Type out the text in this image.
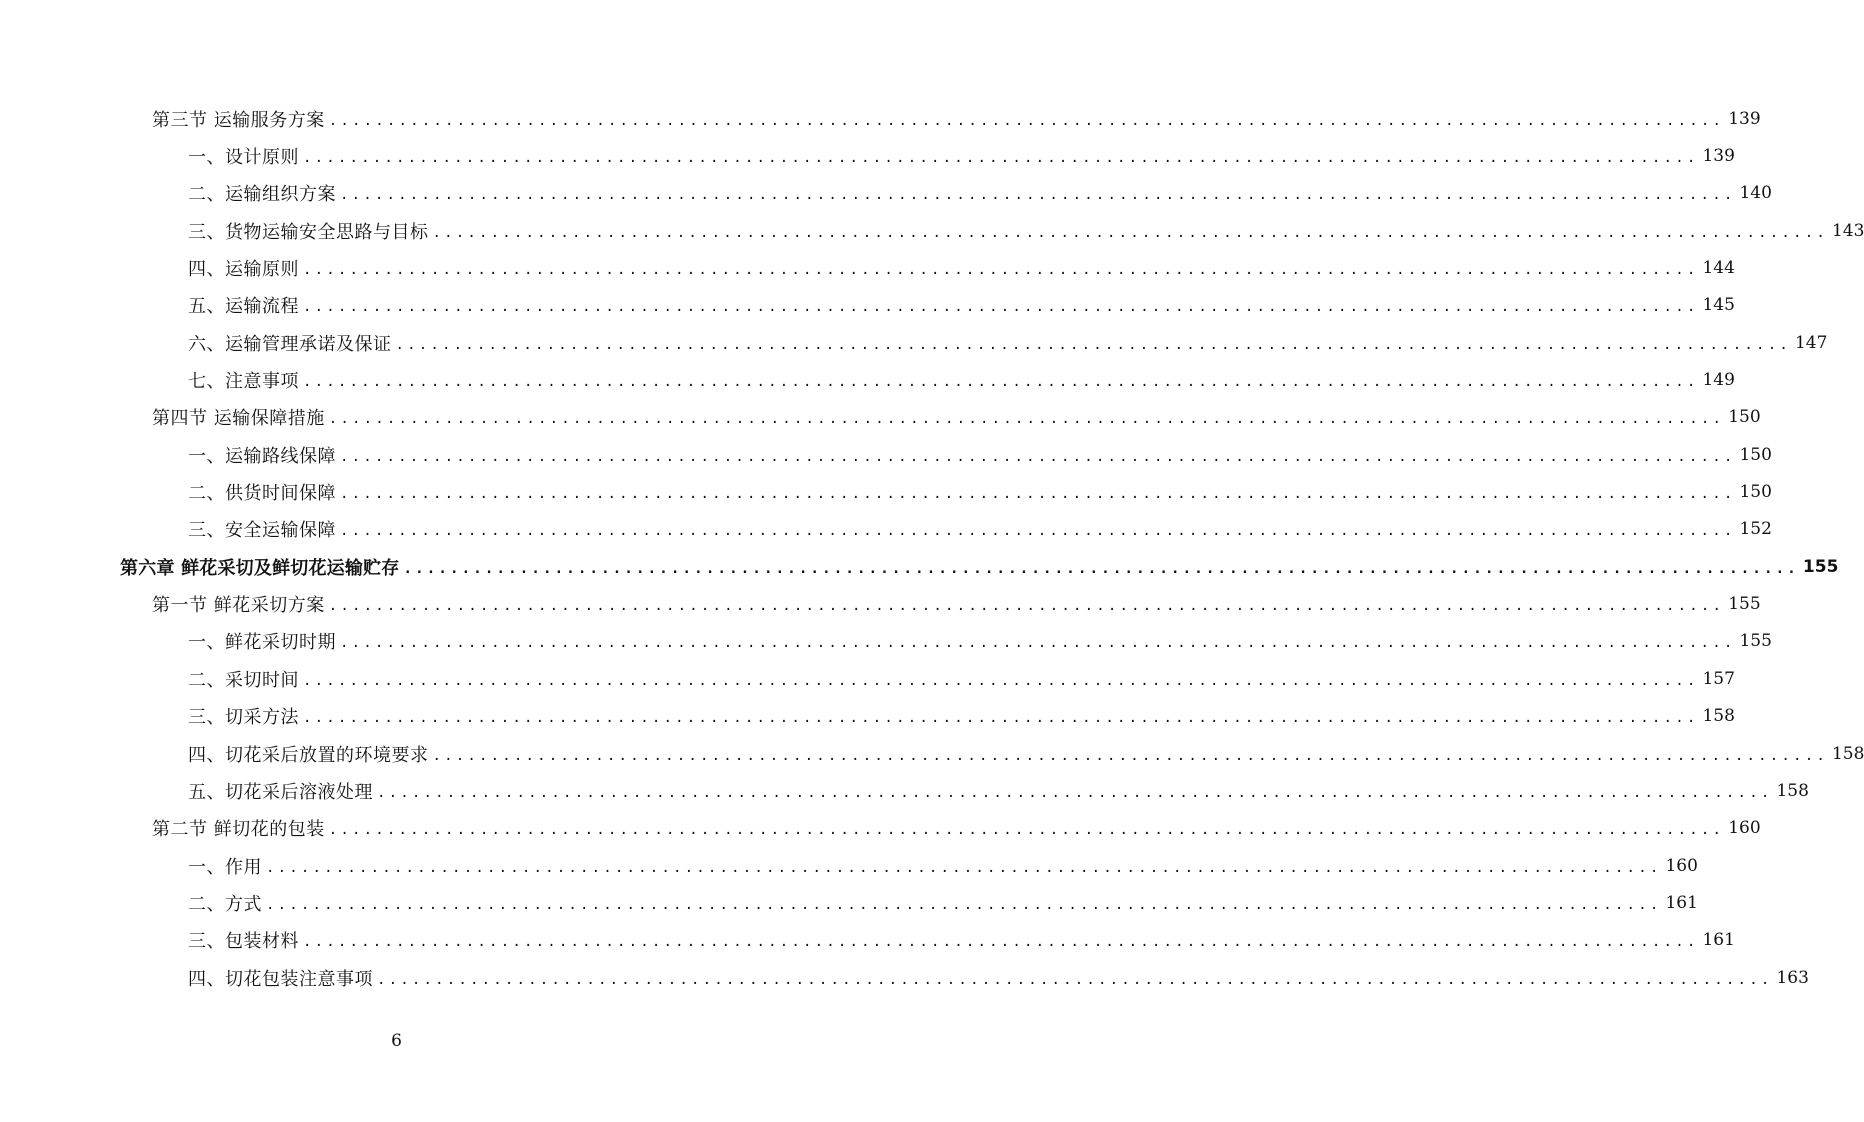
第三节 运输服务方案 ........................................................................................................................ 139
一、设计原则 ........................................................................................................................ 139
二、运输组织方案 ........................................................................................................................ 140
三、货物运输安全思路与目标 ........................................................................................................................ 143
四、运输原则 ........................................................................................................................ 144
五、运输流程 ........................................................................................................................ 145
六、运输管理承诺及保证 ........................................................................................................................ 147
七、注意事项 ........................................................................................................................ 149
第四节 运输保障措施 ........................................................................................................................ 150
一、运输路线保障 ........................................................................................................................ 150
二、供货时间保障 ........................................................................................................................ 150
三、安全运输保障 ........................................................................................................................ 152
第六章 鲜花采切及鲜切花运输贮存 ........................................................................................................................ 155
第一节 鲜花采切方案 ........................................................................................................................ 155
一、鲜花采切时期 ........................................................................................................................ 155
二、采切时间 ........................................................................................................................ 157
三、切采方法 ........................................................................................................................ 158
四、切花采后放置的环境要求 ........................................................................................................................ 158
五、切花采后溶液处理 ........................................................................................................................ 158
第二节 鲜切花的包装 ........................................................................................................................ 160
一、作用 ........................................................................................................................ 160
二、方式 ........................................................................................................................ 161
三、包装材料 ........................................................................................................................ 161
四、切花包装注意事项 ........................................................................................................................ 163
6
